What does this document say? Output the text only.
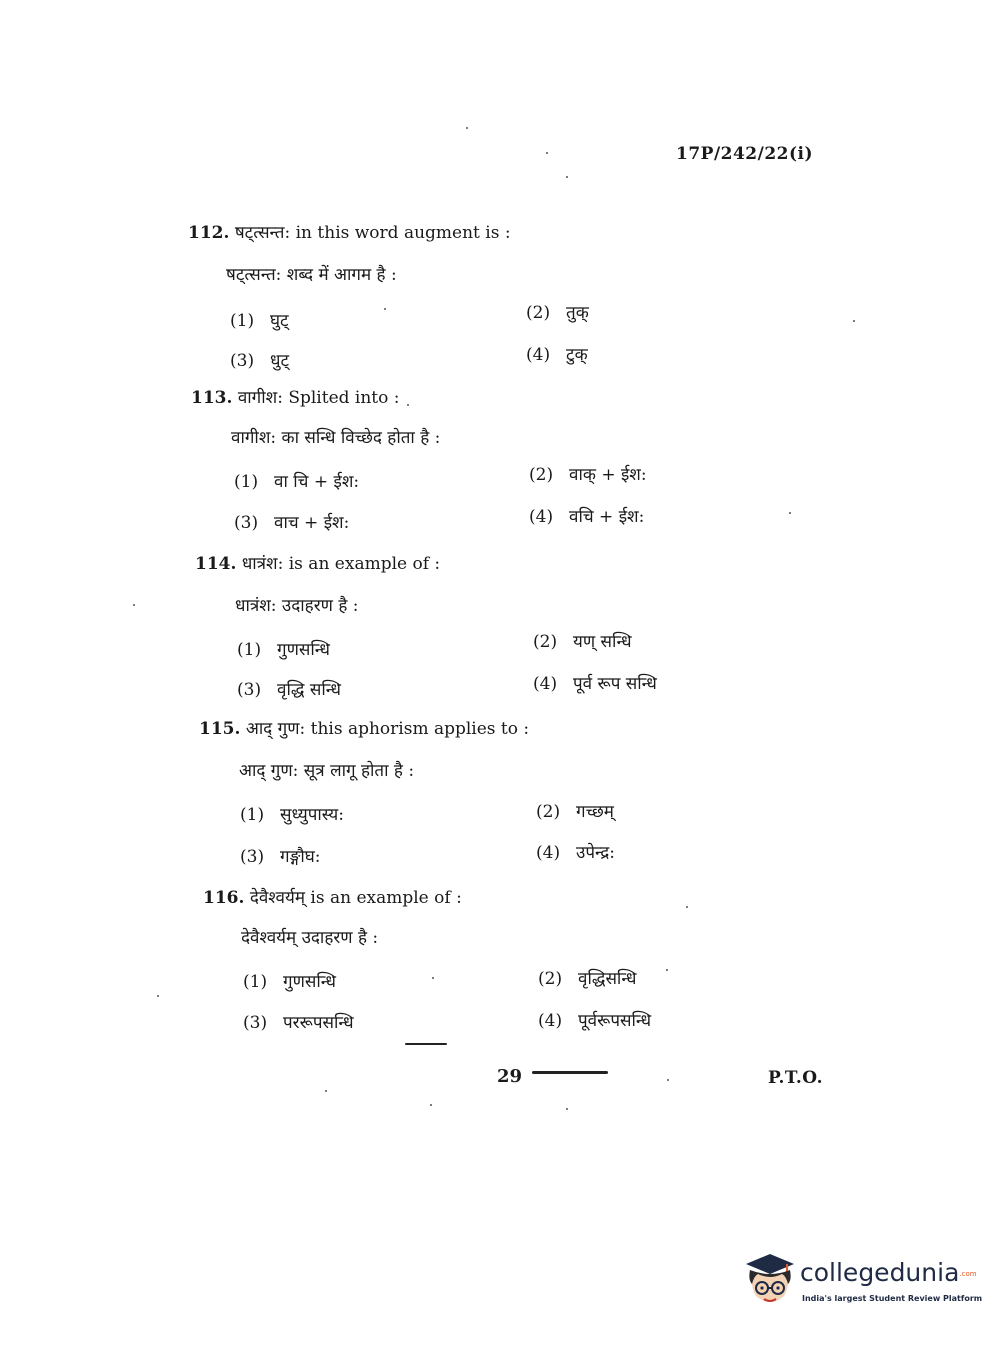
17P/242/22(i)
112. षट्त्सन्त: in this word augment is :
षट्त्सन्त: शब्द में आगम है :
(1) घुट्	(2) तुक्
(3) धुट्	(4) टुक्
113. वागीश: Splited into :
वागीश: का सन्धि विच्छेद होता है :
(1) वा चि + ईश:	(2) वाक् + ईश:
(3) वाच + ईश:	(4) वचि + ईश:
114. धात्रंश: is an example of :
धात्रंश: उदाहरण है :
(1) गुणसन्धि	(2) यण् सन्धि
(3) वृद्धि सन्धि	(4) पूर्व रूप सन्धि
115. आद् गुण: this aphorism applies to :
आद् गुण: सूत्र लागू होता है :
(1) सुध्युपास्य:	(2) गच्छम्
(3) गङ्गौघ:	(4) उपेन्द्र:
116. देवैश्वर्यम् is an example of :
देवैश्वर्यम् उदाहरण है :
(1) गुणसन्धि	(2) वृद्धिसन्धि
(3) पररूपसन्धि	(4) पूर्वरूपसन्धि
29	P.T.O.
collegedunia.com
India's largest Student Review Platform
